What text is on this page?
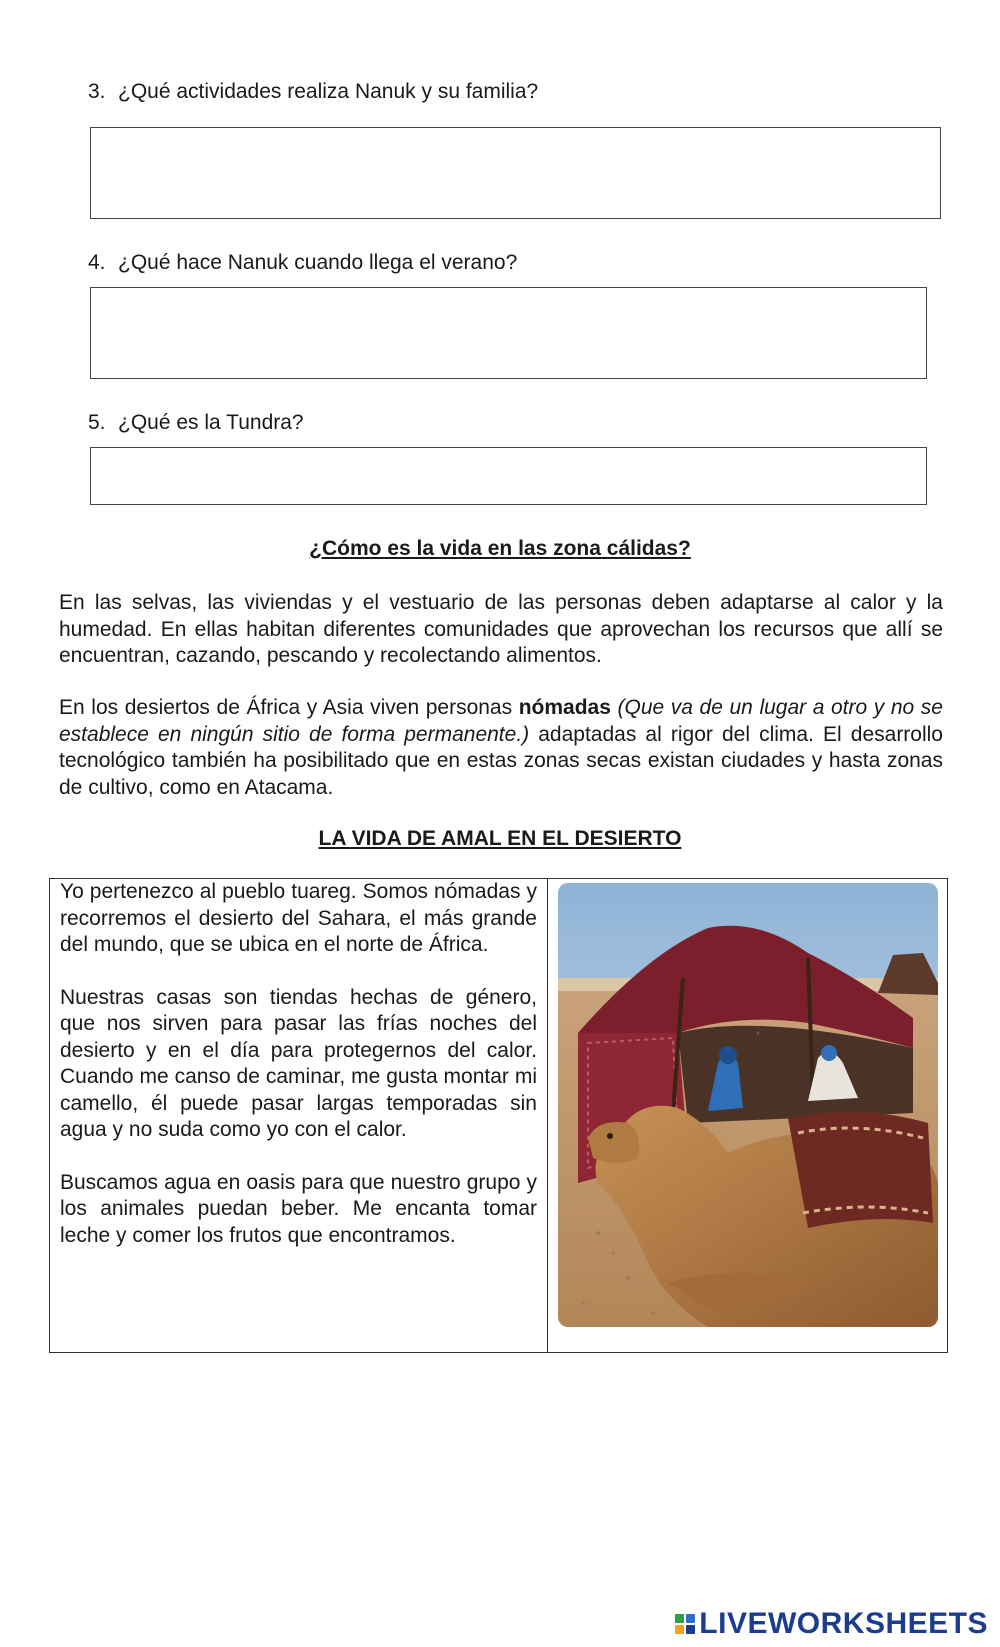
3. ¿Qué actividades realiza Nanuk y su familia?
4. ¿Qué hace Nanuk cuando llega el verano?
5. ¿Qué es la Tundra?
¿Cómo es la vida en las zona cálidas?

En las selvas, las viviendas y el vestuario de las personas deben adaptarse al calor y la humedad. En ellas habitan diferentes comunidades que aprovechan los recursos que allí se encuentran, cazando, pescando y recolectando alimentos.

En los desiertos de África y Asia viven personas nómadas (Que va de un lugar a otro y no se establece en ningún sitio de forma permanente.) adaptadas al rigor del clima. El desarrollo tecnológico también ha posibilitado que en estas zonas secas existan ciudades y hasta zonas de cultivo, como en Atacama.

LA VIDA DE AMAL EN EL DESIERTO

Yo pertenezco al pueblo tuareg. Somos nómadas y recorremos el desierto del Sahara, el más grande del mundo, que se ubica en el norte de África.

Nuestras casas son tiendas hechas de género, que nos sirven para pasar las frías noches del desierto y en el día para protegernos del calor. Cuando me canso de caminar, me gusta montar mi camello, él puede pasar largas temporadas sin agua y no suda como yo con el calor.

Buscamos agua en oasis para que nuestro grupo y los animales puedan beber. Me encanta tomar leche y comer los frutos que encontramos.

LIVEWORKSHEETS
